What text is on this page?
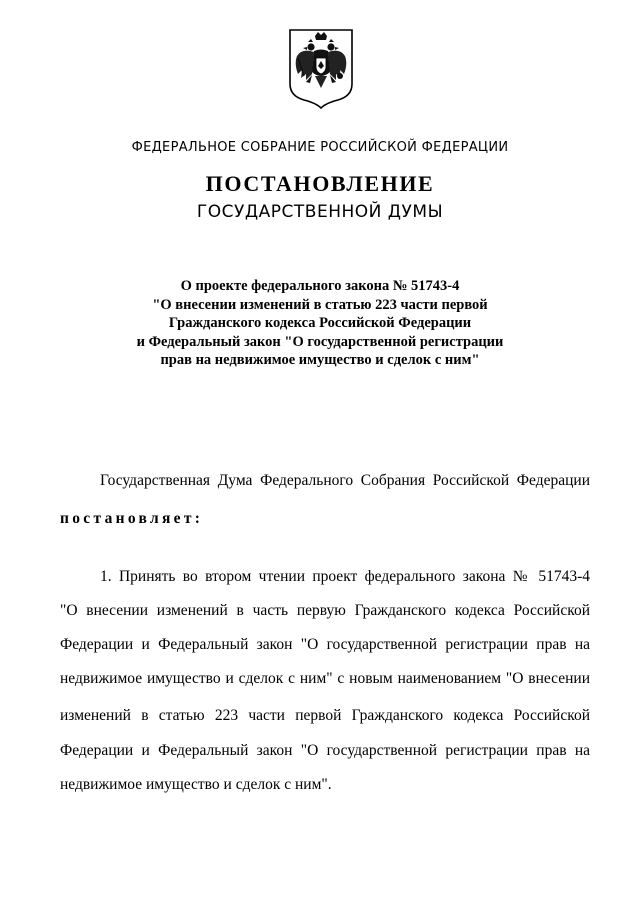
ФЕДЕРАЛЬНОЕ СОБРАНИЕ РОССИЙСКОЙ ФЕДЕРАЦИИ
ПОСТАНОВЛЕНИЕ
ГОСУДАРСТВЕННОЙ ДУМЫ
О проекте федерального закона № 51743-4
"О внесении изменений в статью 223 части первой
Гражданского кодекса Российской Федерации
и Федеральный закон "О государственной регистрации
прав на недвижимое имущество и сделок с ним"
Государственная Дума Федерального Собрания Российской Федерации
постановляет:
1. Принять во втором чтении проект федерального закона № 51743-4
"О внесении изменений в часть первую Гражданского кодекса Российской
Федерации и Федеральный закон "О государственной регистрации прав на
недвижимое имущество и сделок с ним" с новым наименованием "О внесении
изменений в статью 223 части первой Гражданского кодекса Российской
Федерации и Федеральный закон "О государственной регистрации прав на
недвижимое имущество и сделок с ним".
